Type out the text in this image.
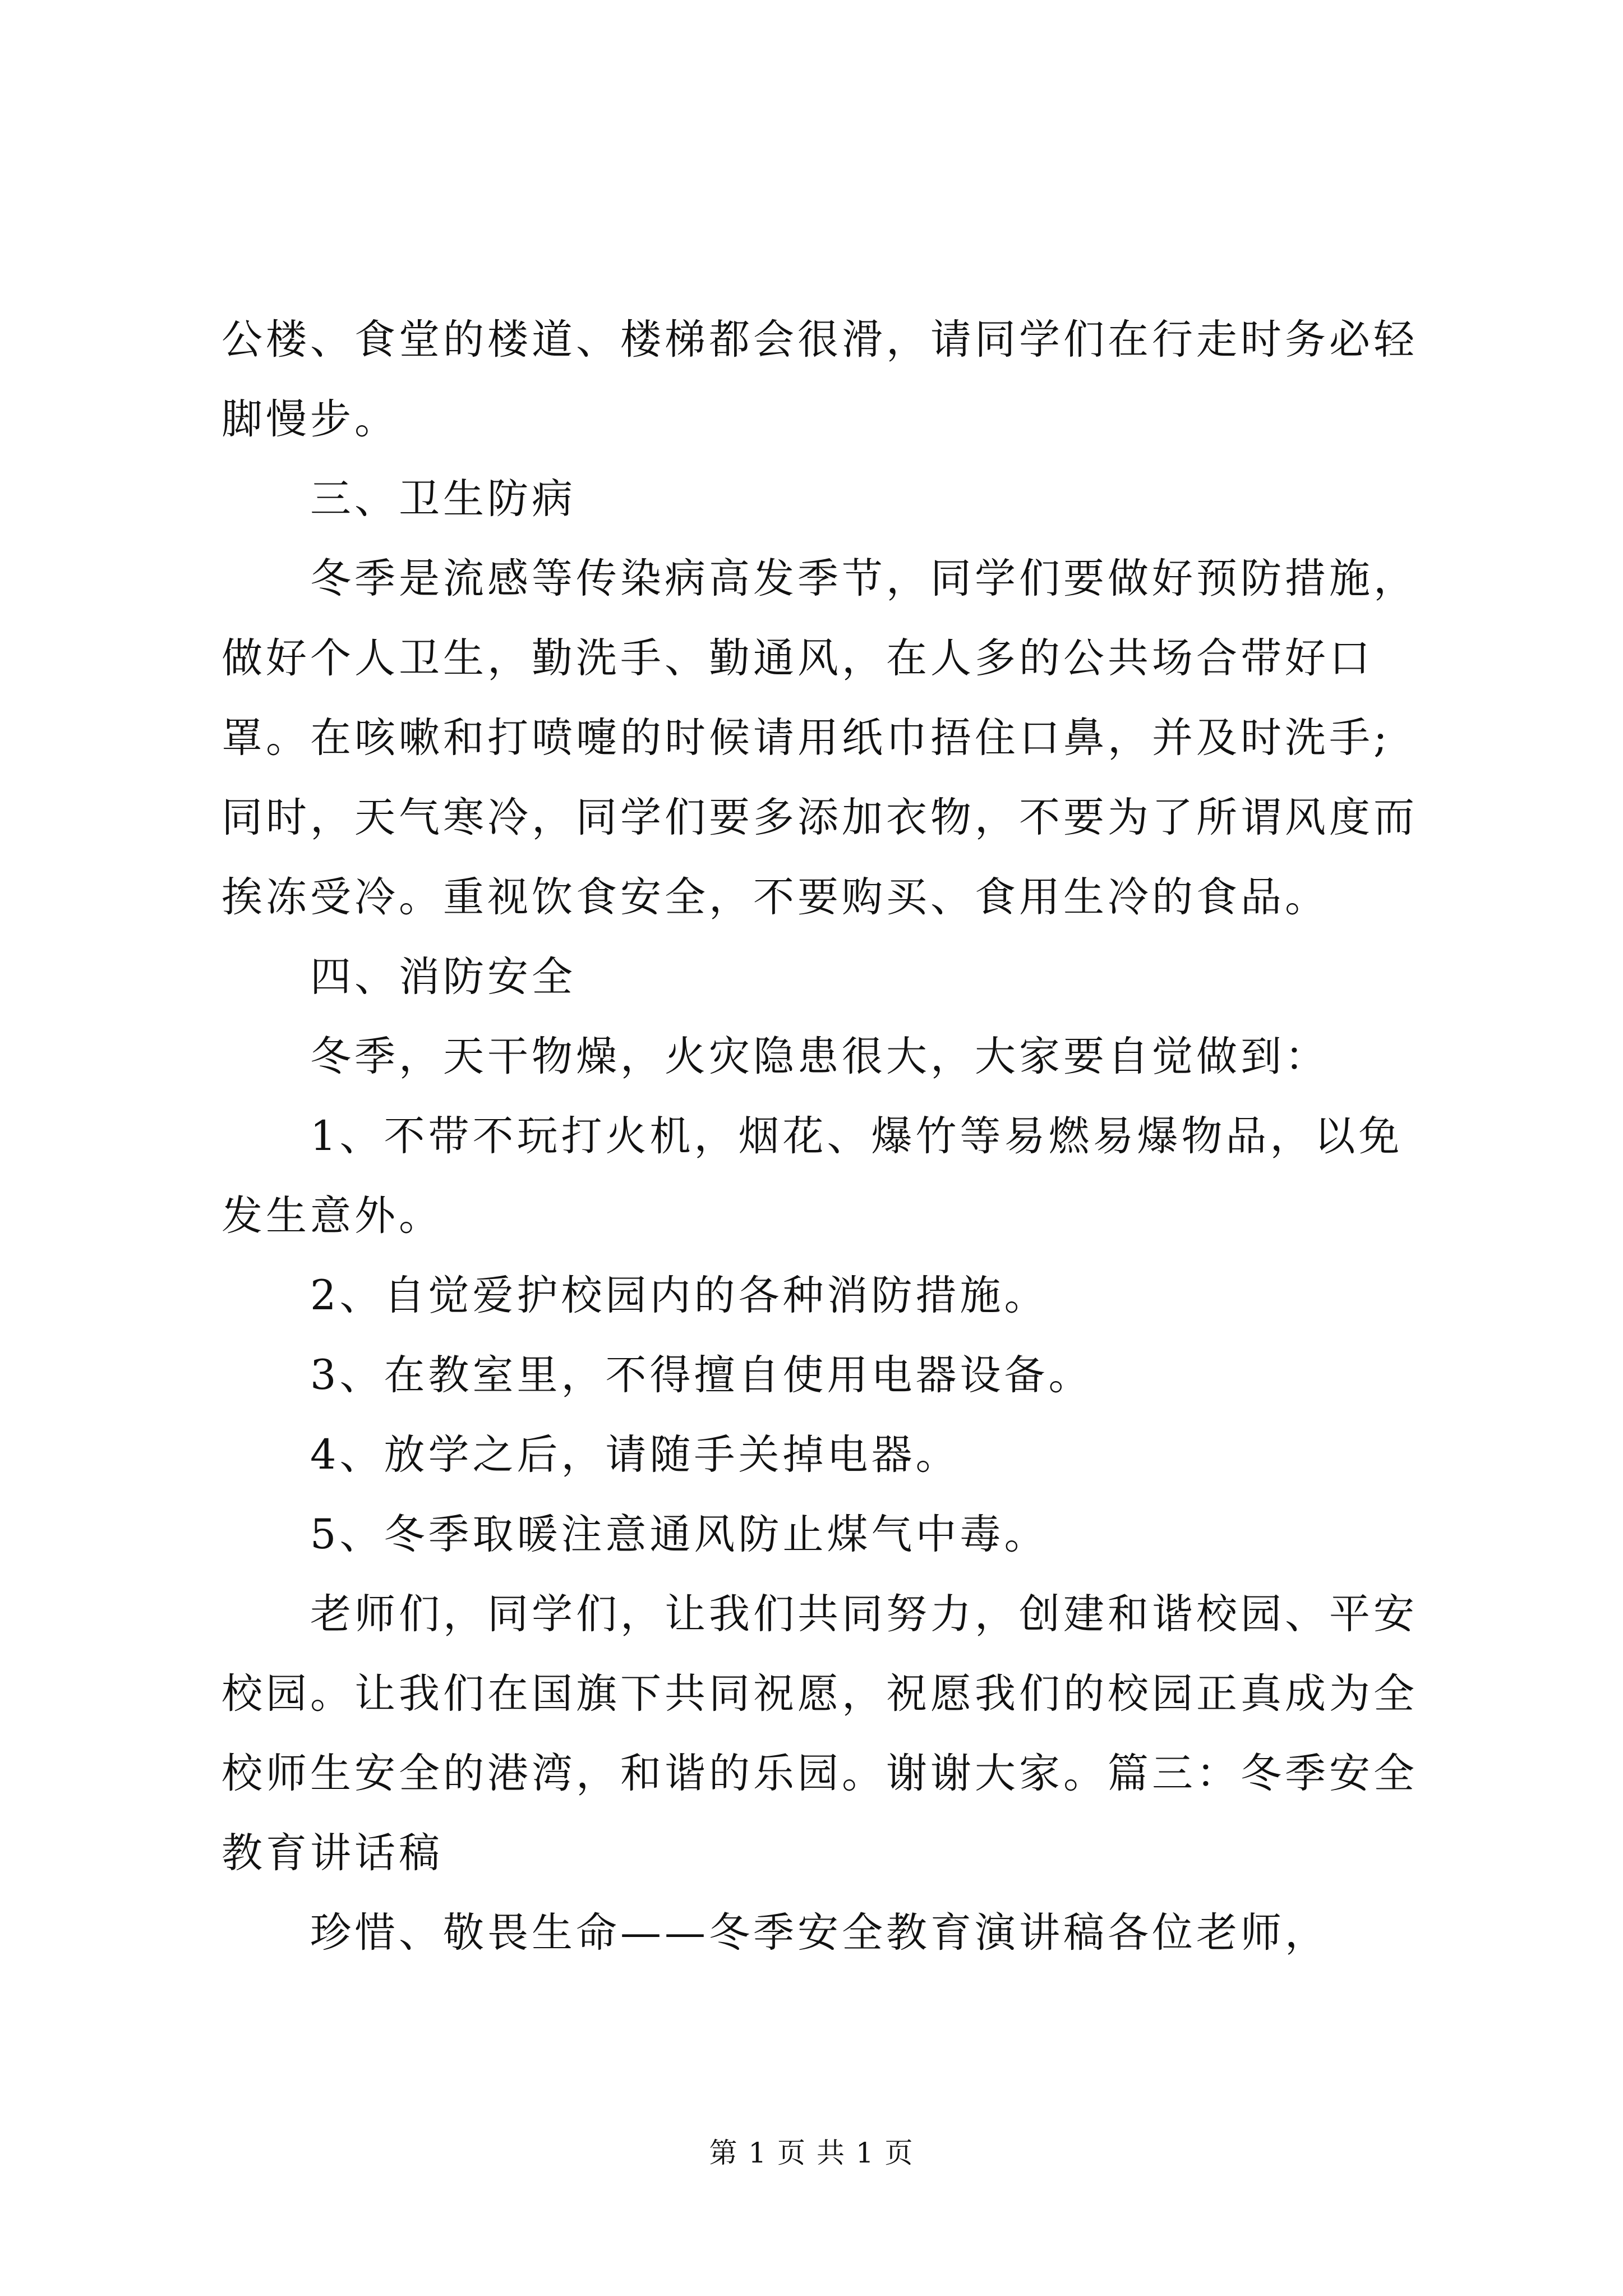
公楼、食堂的楼道、楼梯都会很滑，请同学们在行走时务必轻脚慢步。

三、卫生防病

冬季是流感等传染病高发季节，同学们要做好预防措施，做好个人卫生，勤洗手、勤通风，在人多的公共场合带好口罩。在咳嗽和打喷嚏的时候请用纸巾捂住口鼻，并及时洗手;同时，天气寒冷，同学们要多添加衣物，不要为了所谓风度而挨冻受冷。重视饮食安全，不要购买、食用生冷的食品。

四、消防安全

冬季，天干物燥，火灾隐患很大，大家要自觉做到：

1、不带不玩打火机，烟花、爆竹等易燃易爆物品，以免发生意外。

2、自觉爱护校园内的各种消防措施。

3、在教室里，不得擅自使用电器设备。

4、放学之后，请随手关掉电器。

5、冬季取暖注意通风防止煤气中毒。

老师们，同学们，让我们共同努力，创建和谐校园、平安校园。让我们在国旗下共同祝愿，祝愿我们的校园正真成为全校师生安全的港湾，和谐的乐园。谢谢大家。篇三：冬季安全教育讲话稿

珍惜、敬畏生命——冬季安全教育演讲稿各位老师，

第 1 页 共 1 页
